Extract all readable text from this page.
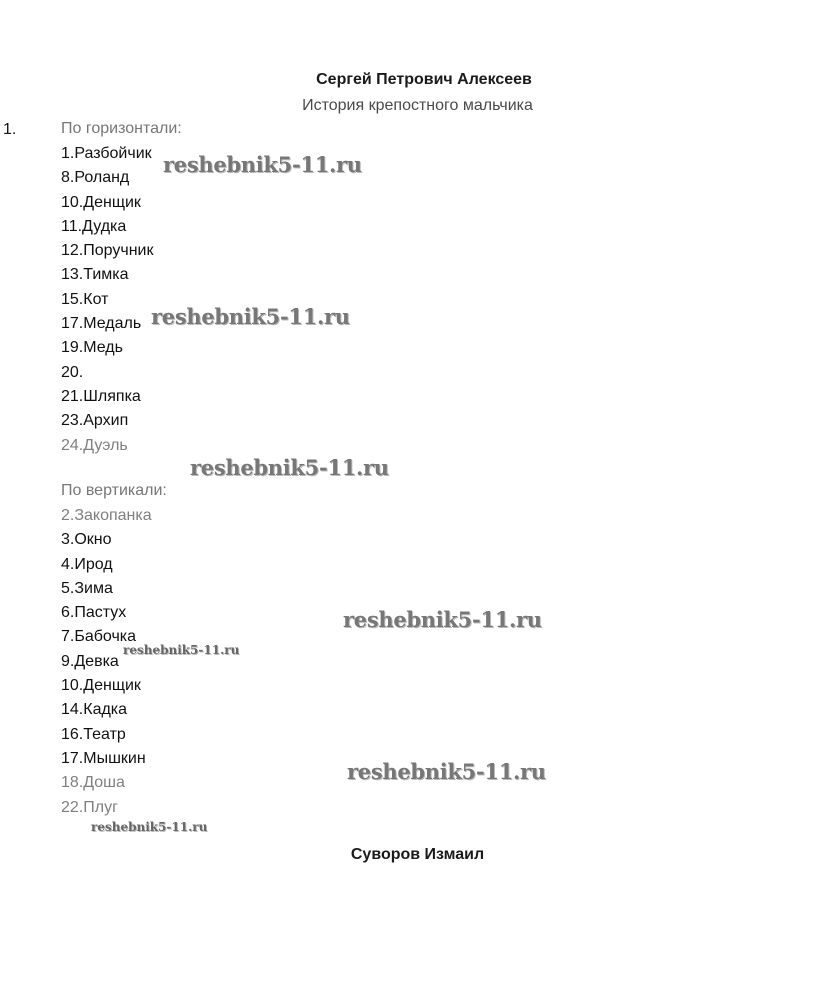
Сергей Петрович Алексеев
История крепостного мальчика
1.	По горизонтали:
1.Разбойчик
8.Роланд
10.Денщик
11.Дудка
12.Поручник
13.Тимка
15.Кот
17.Медаль
19.Медь
20.
21.Шляпка
23.Архип
24.Дуэль
По вертикали:
2.Закопанка
3.Окно
4.Ирод
5.Зима
6.Пастух
7.Бабочка
9.Девка
10.Денщик
14.Кадка
16.Театр
17.Мышкин
18.Доша
22.Плуг
reshebnik5-11.ru
reshebnik5-11.ru
reshebnik5-11.ru
reshebnik5-11.ru
reshebnik5-11.ru
reshebnik5-11.ru
reshebnik5-11.ru
Суворов Измаил
